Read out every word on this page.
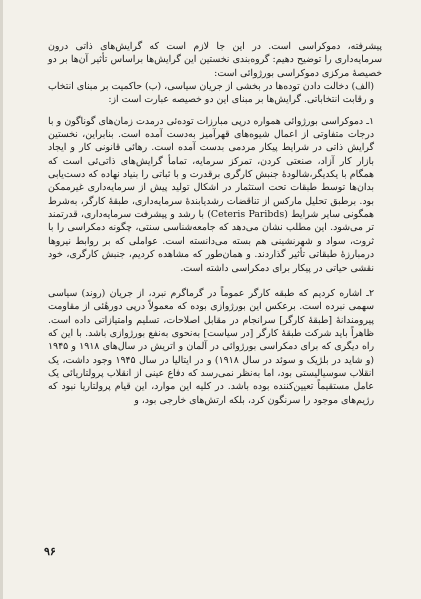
پیشرفته، دموکراسی است. در این جا لازم است که گرایش‌های ذاتی درون سرمایه‌داری را توضیح دهیم: گروه‌بندی نخستین این گرایش‌ها براساس تأثیر آن‌ها بر دو خصیصهٔ مرکزی دموکراسی بورژوائی است:

(الف) دخالت دادن توده‌ها در بخشی از جریان سیاسی، (ب) حاکمیت بر مبنای انتخاب و رقابت انتخاباتی. گرایش‌ها بر مبنای این دو خصیصه عبارت است از:

۱ـ دموکراسی بورژوائی همواره درپی مبارزات توده‌ئی درمدت زمان‌های گوناگون و با درجات متفاوتی از اعمال شیوه‌های قهرآمیز به‌دست آمده است. بنابراین، نخستین گرایش ذاتی در شرایط پیکار مردمی بدست آمده است. رهائی قانونی کار و ایجاد بازار کار آزاد، صنعتی کردن، تمرکز سرمایه، تمامأ گرایش‌های ذاتی‌ئی است که همگام با یکدیگر،شالودهٔ جنبش کارگری برقدرت و با ثباتی را بنیاد نهاده که دست‌یابی بدان‌ها توسط طبقات تحت استثمار در اشکال تولید پیش از سرمایه‌داری غیرممکن بود. برطبق تحلیل مارکس از تناقضات رشدیابندهٔ سرمایه‌داری، طبقهٔ کارگر، به‌شرط همگونی سایر شرایط (Ceteris Paribds) با رشد و پیشرفت سرمایه‌داری، قدرتمند تر می‌شود. این مطلب نشان می‌دهد که جامعه‌شناسی سنتی، چگونه دمکراسی را با ثروت، سواد و شهرنشینی هم بسته می‌دانسته است. عواملی که بر روابط نیروها درمبارزهٔ طبقاتی تأثیر گذاردند. و همان‌طور که مشاهده کردیم، جنبش کارگری، خود نقشی حیاتی در پیکار برای دمکراسی داشته است.

۲ـ اشاره کردیم که طبقه کارگر عموماً در گرماگرم نبرد، از جریان (روند) سیاسی سهمی نبرده است. برعکس این بورژوازی بوده که معمولاً درپی دورهٔئی از مقاومت پیرومندانهٔ [طبقهٔ کارگر] سرانجام در مقابل اصلاحات، تسلیم وامتیازاتی داده است. ظاهراً باید شرکت طبقهٔ کارگر [در سیاست] به‌نحوی به‌نفع بورژوازی باشد. با این که راه دیگری که برای دمکراسی بورژوائی در آلمان و اتریش در سال‌های ۱۹۱۸ و ۱۹۴۵ (و شاید در بلژیک و سوئد در سال ۱۹۱۸) و در ایتالیا در سال ۱۹۴۵ وجود داشت، یک انقلاب سوسیالیستی بود، اما به‌نظر نمی‌رسد که دفاع عینی از انقلاب پرولتاریائی یک عامل مستقیماً تعیین‌کننده بوده باشد. در کلیه این موارد، این قیام پرولتاریا نبود که رژیم‌های موجود را سرنگون کرد، بلکه ارتش‌های خارجی بود، و

۹۶
